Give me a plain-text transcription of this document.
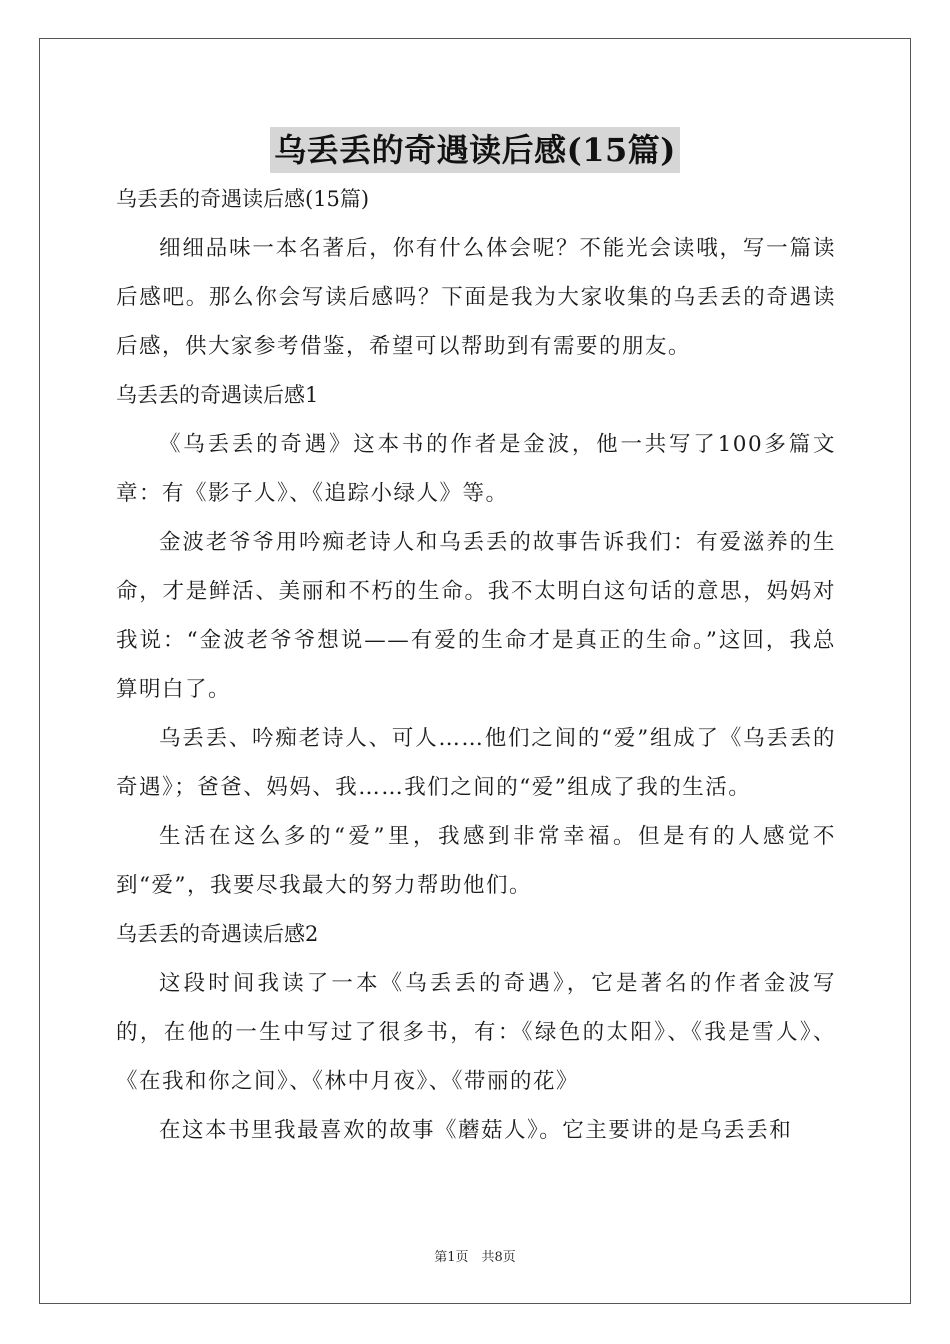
乌丢丢的奇遇读后感(15篇)

乌丢丢的奇遇读后感(15篇)

细细品味一本名著后，你有什么体会呢？不能光会读哦，写一篇读后感吧。那么你会写读后感吗？下面是我为大家收集的乌丢丢的奇遇读后感，供大家参考借鉴，希望可以帮助到有需要的朋友。

乌丢丢的奇遇读后感1

《乌丢丢的奇遇》这本书的作者是金波，他一共写了100多篇文章：有《影子人》、《追踪小绿人》等。

金波老爷爷用吟痴老诗人和乌丢丢的故事告诉我们：有爱滋养的生命，才是鲜活、美丽和不朽的生命。我不太明白这句话的意思，妈妈对我说：“金波老爷爷想说——有爱的生命才是真正的生命。”这回，我总算明白了。

乌丢丢、吟痴老诗人、可人……他们之间的“爱”组成了《乌丢丢的奇遇》；爸爸、妈妈、我……我们之间的“爱”组成了我的生活。

生活在这么多的“爱”里，我感到非常幸福。但是有的人感觉不到“爱”，我要尽我最大的努力帮助他们。

乌丢丢的奇遇读后感2

这段时间我读了一本《乌丢丢的奇遇》，它是著名的作者金波写的，在他的一生中写过了很多书，有：《绿色的太阳》、《我是雪人》、《在我和你之间》、《林中月夜》、《带丽的花》

在这本书里我最喜欢的故事《蘑菇人》。它主要讲的是乌丢丢和

第1页　共8页
